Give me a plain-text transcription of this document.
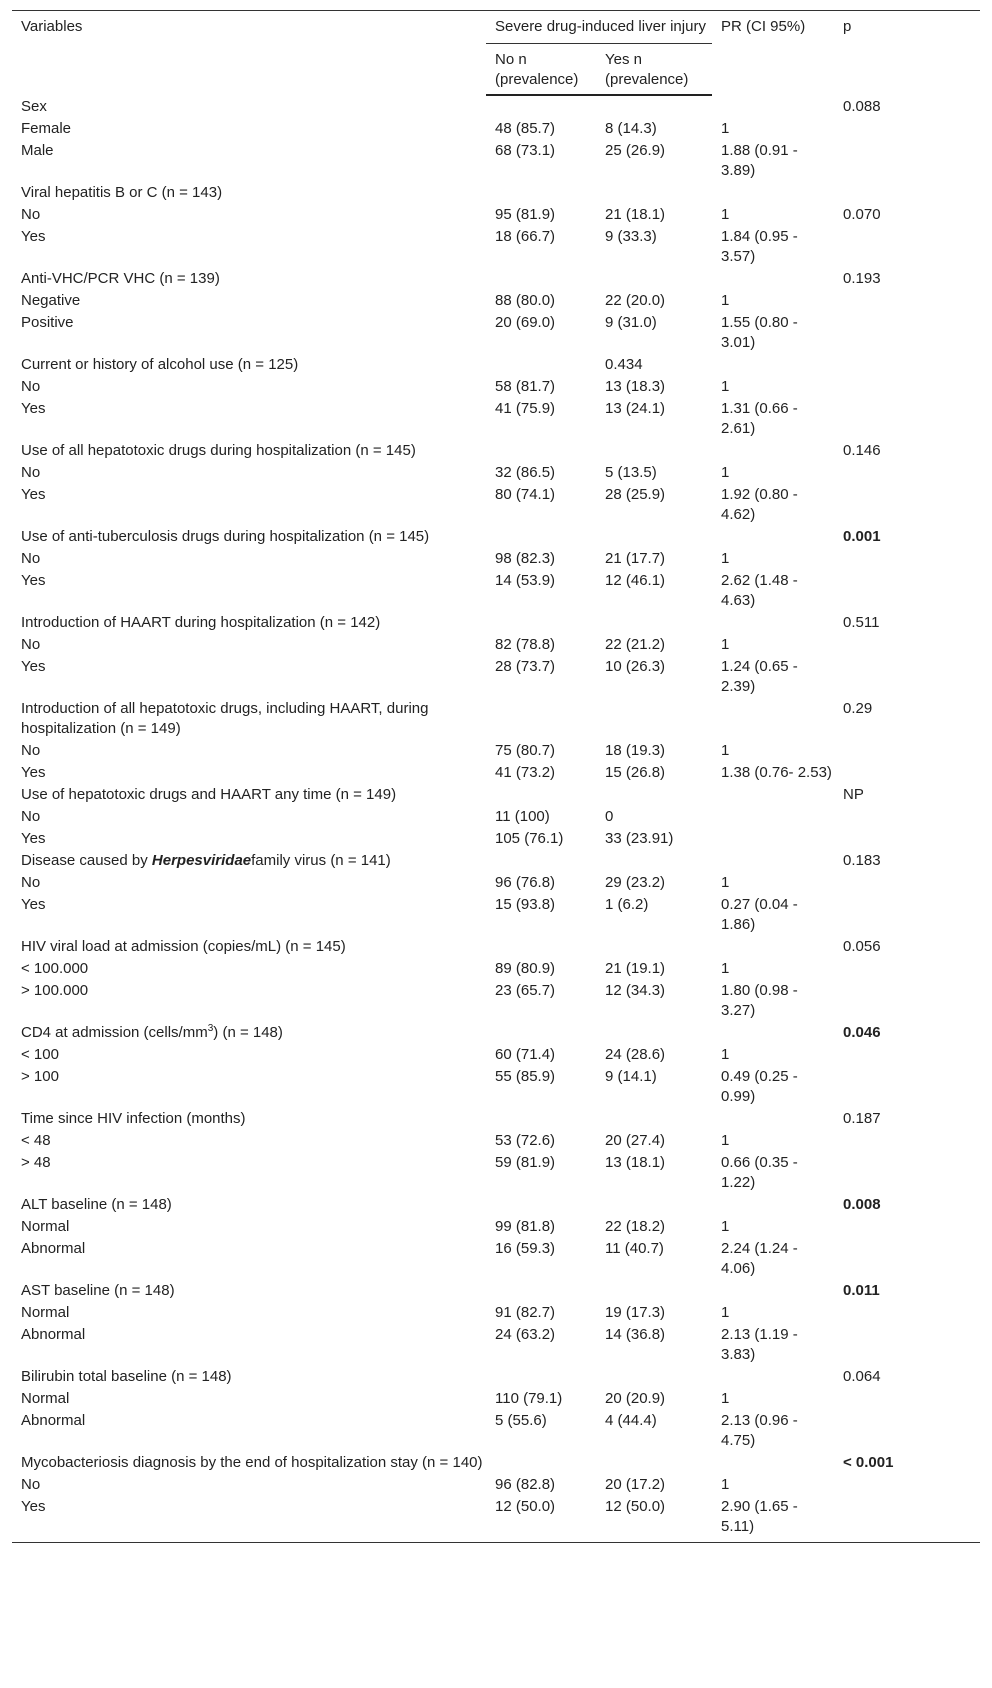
Variables	Severe drug-induced liver injury		PR (CI 95%)	p
	No n (prevalence)	Yes n (prevalence)		
Sex				0.088
Female	48 (85.7)	8 (14.3)	1	
Male	68 (73.1)	25 (26.9)	1.88 (0.91 - 3.89)	
Viral hepatitis B or C (n = 143)				
No	95 (81.9)	21 (18.1)	1	0.070
Yes	18 (66.7)	9 (33.3)	1.84 (0.95 - 3.57)	
Anti-VHC/PCR VHC (n = 139)				0.193
Negative	88 (80.0)	22 (20.0)	1	
Positive	20 (69.0)	9 (31.0)	1.55 (0.80 - 3.01)	
Current or history of alcohol use (n = 125)		0.434		
No	58 (81.7)	13 (18.3)	1	
Yes	41 (75.9)	13 (24.1)	1.31 (0.66 - 2.61)	
Use of all hepatotoxic drugs during hospitalization (n = 145)				0.146
No	32 (86.5)	5 (13.5)	1	
Yes	80 (74.1)	28 (25.9)	1.92 (0.80 - 4.62)	
Use of anti-tuberculosis drugs during hospitalization (n = 145)				0.001
No	98 (82.3)	21 (17.7)	1	
Yes	14 (53.9)	12 (46.1)	2.62 (1.48 - 4.63)	
Introduction of HAART during hospitalization (n = 142)				0.511
No	82 (78.8)	22 (21.2)	1	
Yes	28 (73.7)	10 (26.3)	1.24 (0.65 - 2.39)	
Introduction of all hepatotoxic drugs, including HAART, during hospitalization (n = 149)				0.29
No	75 (80.7)	18 (19.3)	1	
Yes	41 (73.2)	15 (26.8)	1.38 (0.76- 2.53)	
Use of hepatotoxic drugs and HAART any time (n = 149)				NP
No	11 (100)	0		
Yes	105 (76.1)	33 (23.91)		
Disease caused by Herpesviridaefamily virus (n = 141)				0.183
No	96 (76.8)	29 (23.2)	1	
Yes	15 (93.8)	1 (6.2)	0.27 (0.04 - 1.86)	
HIV viral load at admission (copies/mL) (n = 145)				0.056
< 100.000	89 (80.9)	21 (19.1)	1	
> 100.000	23 (65.7)	12 (34.3)	1.80 (0.98 - 3.27)	
CD4 at admission $(cells/mm^3) (n = 148)$				0.046
< 100	60 (71.4)	24 (28.6)	1	
> 100	55 (85.9)	9 (14.1)	0.49 (0.25 - 0.99)	
Time since HIV infection (months)				0.187
< 48	53 (72.6)	20 (27.4)	1	
> 48	59 (81.9)	13 (18.1)	0.66 (0.35 - 1.22)	
ALT baseline (n = 148)				0.008
Normal	99 (81.8)	22 (18.2)	1	
Abnormal	16 (59.3)	11 (40.7)	2.24 (1.24 - 4.06)	
AST baseline (n = 148)				0.011
Normal	91 (82.7)	19 (17.3)	1	
Abnormal	24 (63.2)	14 (36.8)	2.13 (1.19 - 3.83)	
Bilirubin total baseline (n = 148)				0.064
Normal	110 (79.1)	20 (20.9)	1	
Abnormal	5 (55.6)	4 (44.4)	2.13 (0.96 - 4.75)	
Mycobacteriosis diagnosis by the end of hospitalization stay (n = 140)				< 0.001
No	96 (82.8)	20 (17.2)	1	
Yes	12 (50.0)	12 (50.0)	2.90 (1.65 - 5.11)	
